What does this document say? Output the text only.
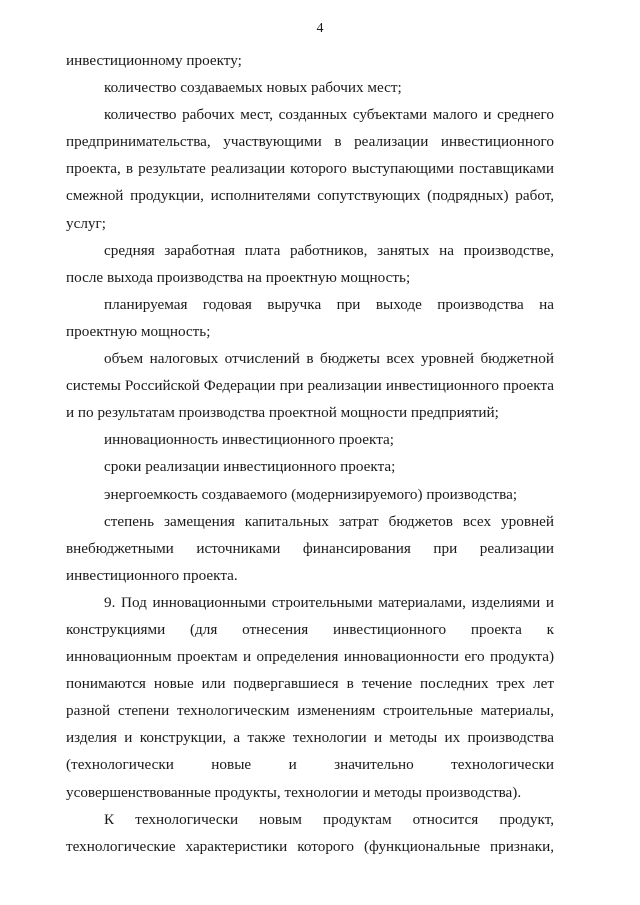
4

инвестиционному проекту;

количество создаваемых новых рабочих мест;

количество рабочих мест, созданных субъектами малого и среднего предпринимательства, участвующими в реализации инвестиционного проекта, в результате реализации которого выступающими поставщиками смежной продукции, исполнителями сопутствующих (подрядных) работ, услуг;

средняя заработная плата работников, занятых на производстве, после выхода производства на проектную мощность;

планируемая годовая выручка при выходе производства на проектную мощность;

объем налоговых отчислений в бюджеты всех уровней бюджетной системы Российской Федерации при реализации инвестиционного проекта и по результатам производства проектной мощности предприятий;

инновационность инвестиционного проекта;

сроки реализации инвестиционного проекта;

энергоемкость создаваемого (модернизируемого) производства;

степень замещения капитальных затрат бюджетов всех уровней внебюджетными источниками финансирования при реализации инвестиционного проекта.

9. Под инновационными строительными материалами, изделиями и конструкциями (для отнесения инвестиционного проекта к инновационным проектам и определения инновационности его продукта) понимаются новые или подвергавшиеся в течение последних трех лет разной степени технологическим изменениям строительные материалы, изделия и конструкции, а также технологии и методы их производства (технологически новые и значительно технологически усовершенствованные продукты, технологии и методы производства).

К технологически новым продуктам относится продукт, технологические характеристики которого (функциональные признаки,
